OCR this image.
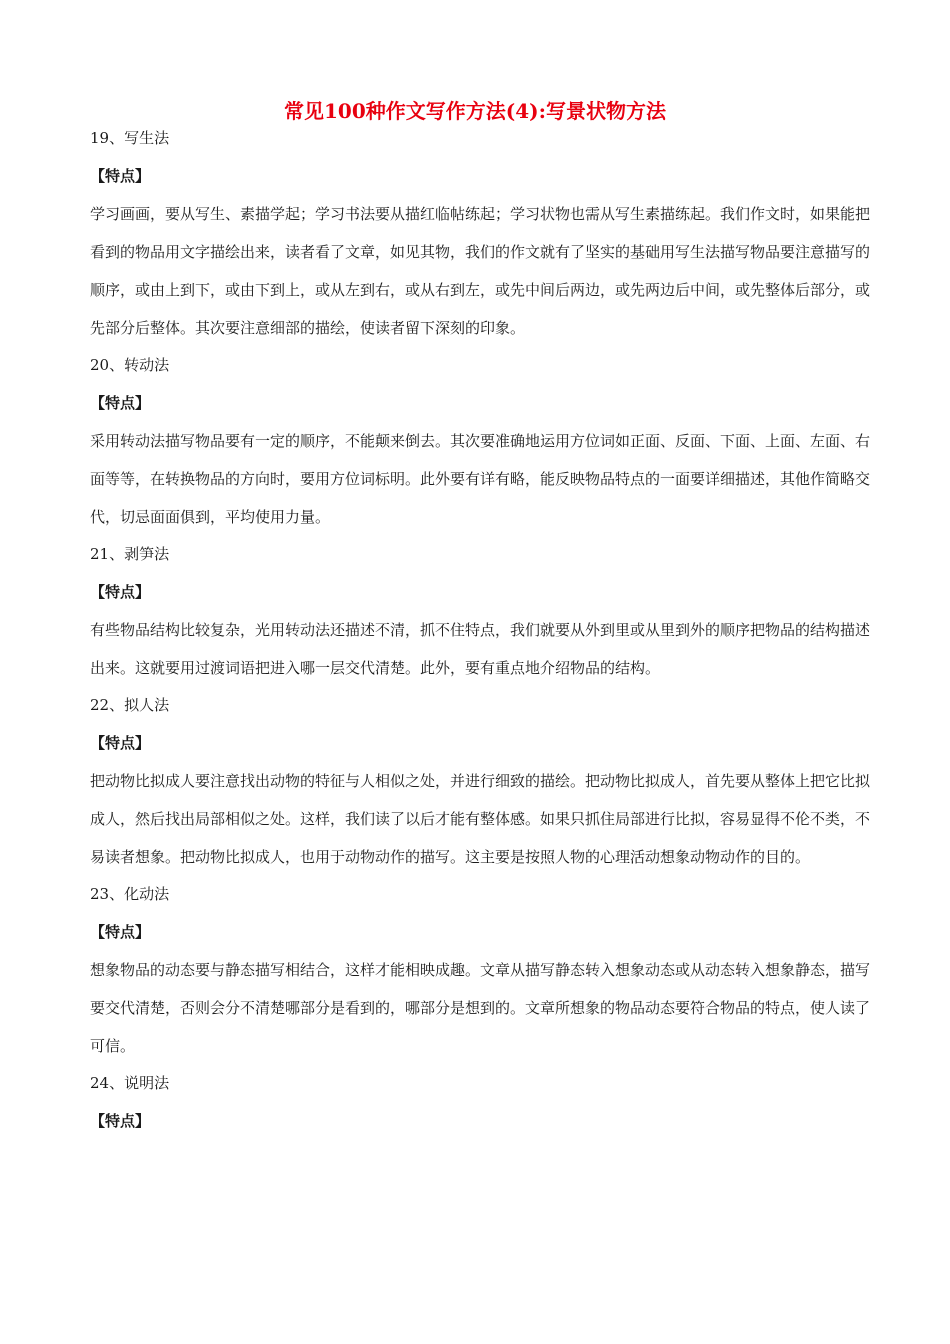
常见100种作文写作方法(4):写景状物方法

19、写生法

【特点】

学习画画，要从写生、素描学起；学习书法要从描红临帖练起；学习状物也需从写生素描练起。我们作文时，如果能把看到的物品用文字描绘出来，读者看了文章，如见其物，我们的作文就有了坚实的基础用写生法描写物品要注意描写的顺序，或由上到下，或由下到上，或从左到右，或从右到左，或先中间后两边，或先两边后中间，或先整体后部分，或先部分后整体。其次要注意细部的描绘，使读者留下深刻的印象。

20、转动法

【特点】

采用转动法描写物品要有一定的顺序，不能颠来倒去。其次要准确地运用方位词如正面、反面、下面、上面、左面、右面等等，在转换物品的方向时，要用方位词标明。此外要有详有略，能反映物品特点的一面要详细描述，其他作简略交代，切忌面面俱到，平均使用力量。

21、剥笋法

【特点】

有些物品结构比较复杂，光用转动法还描述不清，抓不住特点，我们就要从外到里或从里到外的顺序把物品的结构描述出来。这就要用过渡词语把进入哪一层交代清楚。此外，要有重点地介绍物品的结构。

22、拟人法

【特点】

把动物比拟成人要注意找出动物的特征与人相似之处，并进行细致的描绘。把动物比拟成人，首先要从整体上把它比拟成人，然后找出局部相似之处。这样，我们读了以后才能有整体感。如果只抓住局部进行比拟，容易显得不伦不类，不易读者想象。把动物比拟成人，也用于动物动作的描写。这主要是按照人物的心理活动想象动物动作的目的。

23、化动法

【特点】

想象物品的动态要与静态描写相结合，这样才能相映成趣。文章从描写静态转入想象动态或从动态转入想象静态，描写要交代清楚，否则会分不清楚哪部分是看到的，哪部分是想到的。文章所想象的物品动态要符合物品的特点，使人读了可信。

24、说明法

【特点】
